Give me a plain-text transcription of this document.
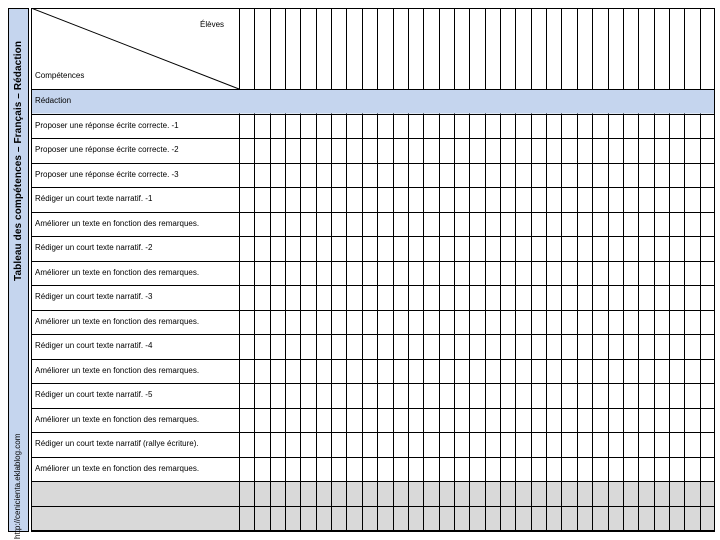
Tableau des compétences – Français – Rédaction
http://cenicienta.eklablog.com
Élèves
Compétences
Rédaction
Proposer une réponse écrite correcte. -1
Proposer une réponse écrite correcte. -2
Proposer une réponse écrite correcte. -3
Rédiger un court texte narratif. -1
Améliorer un texte en fonction des remarques.
Rédiger un court texte narratif. -2
Améliorer un texte en fonction des remarques.
Rédiger un court texte narratif. -3
Améliorer un texte en fonction des remarques.
Rédiger un court texte narratif. -4
Améliorer un texte en fonction des remarques.
Rédiger un court texte narratif. -5
Améliorer un texte en fonction des remarques.
Rédiger un court texte narratif (rallye écriture).
Améliorer un texte en fonction des remarques.
